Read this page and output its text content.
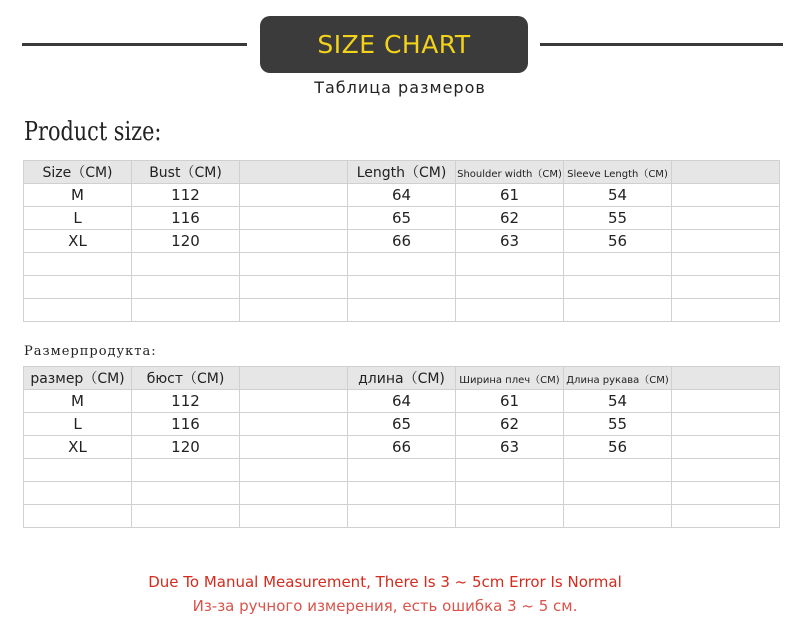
SIZE CHART
Таблица размеров
Product size:
Size（CM)	Bust（CM)		Length（CM)	Shoulder width（CM)	Sleeve Length（CM)	
M	112		64	61	54	
L	116		65	62	55	
XL	120		66	63	56	

Размерпродукта:
размер（CM)	бюст（CM)		длина（CM)	Ширина плеч（CM)	Длина рукава（CM)	
M	112		64	61	54	
L	116		65	62	55	
XL	120		66	63	56	

Due To Manual Measurement, There Is 3 ~ 5cm Error Is Normal
Из-за ручного измерения, есть ошибка 3 ~ 5 см.
